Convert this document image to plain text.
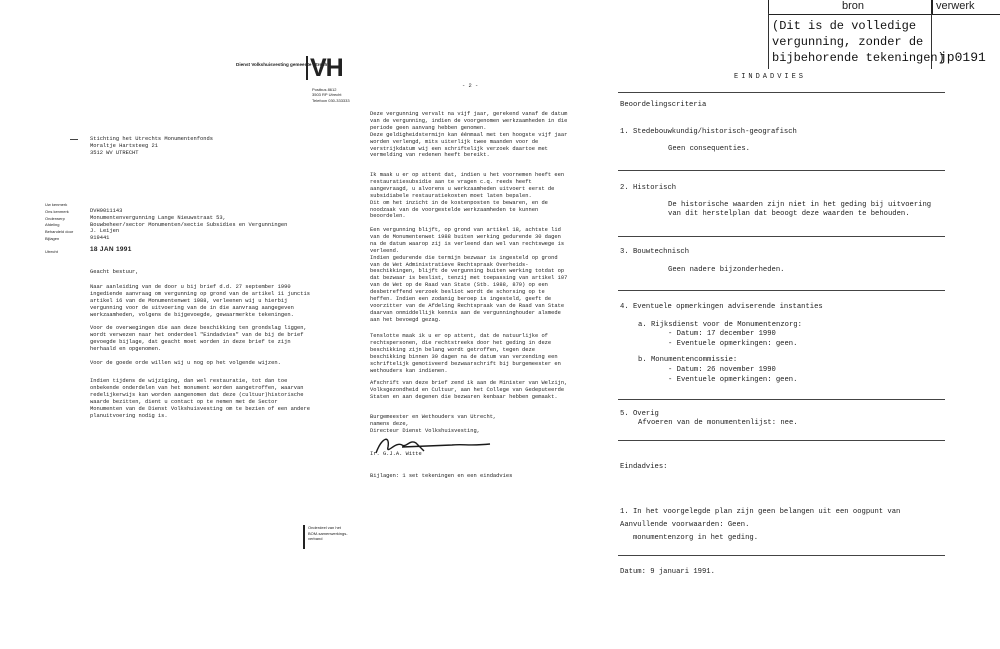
bron	verwerk
(Dit is de volledige
vergunning, zonder de
bijbehorende tekeningen)
jp0191
Dienst Volkshuisvesting gemeente Utrecht
VH
Postbus 8612
3503 RP Utrecht
Telefoon 030-333333
Stichting het Utrechts Monumentenfonds
Moraltje Hartsteeg 21
3512 WV UTRECHT
Uw kenmerk
Ons kenmerk
Onderwerp
Afdeling
Behandeld door
Bijlagen
DVH9011143
Monumentenvergunning Lange Nieuwstraat 53,
Bouwbeheer/sector Monumenten/sectie Subsidies en Vergunningen
J. Leijen
919441
Utrecht	18 JAN 1991
Geacht bestuur,
Naar aanleiding van de door u bij brief d.d. 27 september 1990
ingediende aanvraag om vergunning op grond van de artikel 11 junctis
artikel 16 van de Monumentenwet 1988, verleenen wij u hierbij
vergunning voor de uitvoering van de in die aanvraag aangegeven
werkzaamheden, volgens de bijgevoegde, gewaarmerkte tekeningen.
Voor de overwegingen die aan deze beschikking ten grondslag liggen,
wordt verwezen naar het onderdeel "Eindadvies" van de bij de brief
gevoegde bijlage, dat geacht moet worden in deze brief te zijn
herhaald en opgenomen.
Voor de goede orde willen wij u nog op het volgende wijzen.
Indien tijdens de wijziging, dan wel restauratie, tot dan toe
onbekende onderdelen van het monument worden aangetroffen, waarvan
redelijkerwijs kan worden aangenomen dat deze (cultuur)historische
waarde bezitten, dient u contact op te nemen met de Sector
Monumenten van de Dienst Volkshuisvesting om te bezien of een andere
planuitvoering nodig is.
Onderdeel van het
BOM-samenwerkings-
verband
- 2 -
Deze vergunning vervalt na vijf jaar, gerekend vanaf de datum
van de vergunning, indien de voorgenomen werkzaamheden in die
periode geen aanvang hebben genomen.
Deze geldigheidstermijn kan éénmaal met ten hoogste vijf jaar
worden verlengd, mits uiterlijk twee maanden voor de
verstrijkdatum wij een schriftelijk verzoek daartoe met
vermelding van redenen heeft bereikt.
Ik maak u er op attent dat, indien u het voornemen heeft een
restauratiesubsidie aan te vragen c.q. reeds heeft
aangevraagd, u alvorens u werkzaamheden uitvoert eerst de
subsidiabele restauratiekosten moet laten bepalen.
Dit om het inzicht in de kostenposten te bewaren, en de
noodzaak van de voorgestelde werkzaamheden te kunnen
beoordelen.
Een vergunning blijft, op grond van artikel 18, achtste lid
van de Monumentenwet 1988 buiten werking gedurende 30 dagen
na de datum waarop zij is verleend dan wel van rechtswege is
verleend.
Indien gedurende die termijn bezwaar is ingesteld op grond
van de Wet Administratieve Rechtspraak Overheids-
beschikkingen, blijft de vergunning buiten werking totdat op
dat bezwaar is beslist, tenzij met toepassing van artikel 107
van de Wet op de Raad van State (Stb. 1988, 870) op een
desbetreffend verzoek besliot wordt de schorsing op te
heffen. Indien een zodanig beroep is ingesteld, geeft de
voorzitter van de Afdeling Rechtspraak van de Raad van State
daarvan onmiddellijk kennis aan de vergunninghouder alsmede
aan het bevoegd gezag.
Tenslotte maak ik u er op attent, dat de natuurlijke of
rechtspersonen, die rechtstreeks door het geding in deze
beschikking zijn belang wordt getroffen, tegen deze
beschikking binnen 30 dagen na de datum van verzending een
schriftelijk gemotiveerd bezwaarschrift bij burgemeester en
wethouders kan indienen.
Afschrift van deze brief zend ik aan de Minister van Welzijn,
Volksgezondheid en Cultuur, aan het College van Gedeputeerde
Staten en aan degenen die bezwaren kenbaar hebben gemaakt.
Burgemeester en Wethouders van Utrecht,
namens deze,
Directeur Dienst Volkshuisvesting,
Ir. G.J.A. Witte
Bijlagen: 1 set tekeningen en een eindadvies
EINDADVIES
Beoordelingscriteria
1. Stedebouwkundig/historisch-geografisch
Geen consequenties.
2. Historisch
De historische waarden zijn niet in het geding bij uitvoering
van dit herstelplan dat beoogt deze waarden te behouden.
3. Bouwtechnisch
Geen nadere bijzonderheden.
4. Eventuele opmerkingen adviserende instanties
a. Rijksdienst voor de Monumentenzorg:
- Datum: 17 december 1990
- Eventuele opmerkingen: geen.
b. Monumentencommissie:
- Datum: 26 november 1990
- Eventuele opmerkingen: geen.
5. Overig
Afvoeren van de monumentenlijst: nee.
Eindadvies:

1. In het voorgelegde plan zijn geen belangen uit een oogpunt van

monumentenzorg in het geding.

Aanvullende voorwaarden: Geen.
Datum: 9 januari 1991.
